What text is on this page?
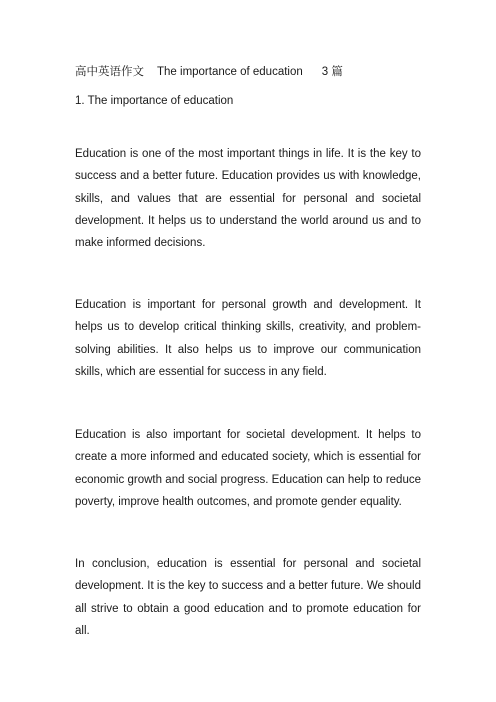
高中英语作文 The importance of education 3 篇
1. The importance of education

Education is one of the most important things in life. It is the key to success and a better future. Education provides us with knowledge, skills, and values that are essential for personal and societal development. It helps us to understand the world around us and to make informed decisions.

Education is important for personal growth and development. It helps us to develop critical thinking skills, creativity, and problem-solving abilities. It also helps us to improve our communication skills, which are essential for success in any field.

Education is also important for societal development. It helps to create a more informed and educated society, which is essential for economic growth and social progress. Education can help to reduce poverty, improve health outcomes, and promote gender equality.

In conclusion, education is essential for personal and societal development. It is the key to success and a better future. We should all strive to obtain a good education and to promote education for all.
